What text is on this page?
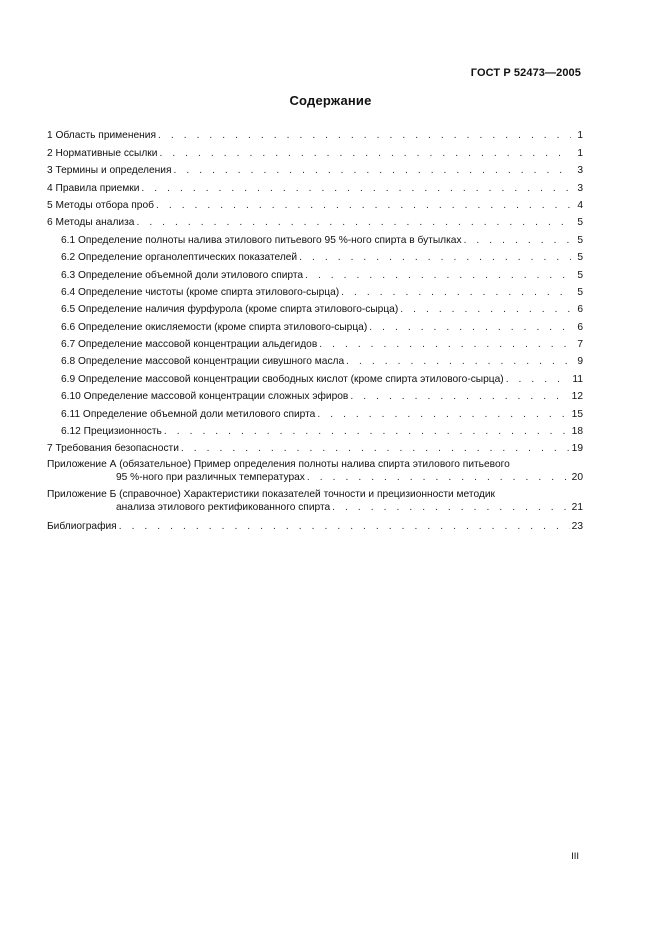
ГОСТ Р 52473—2005
Содержание
1 Область применения . . .	1
2 Нормативные ссылки . . .	1
3 Термины и определения . . .	3
4 Правила приемки . . .	3
5 Методы отбора проб . . .	4
6 Методы анализа . . .	5
6.1 Определение полноты налива этилового питьевого 95 %-ного спирта в бутылках . . .	5
6.2 Определение органолептических показателей . . .	5
6.3 Определение объемной доли этилового спирта . . .	5
6.4 Определение чистоты (кроме спирта этилового-сырца) . . .	5
6.5 Определение наличия фурфурола (кроме спирта этилового-сырца) . . .	6
6.6 Определение окисляемости (кроме спирта этилового-сырца) . . .	6
6.7 Определение массовой концентрации альдегидов . . .	7
6.8 Определение массовой концентрации сивушного масла . . .	9
6.9 Определение массовой концентрации свободных кислот (кроме спирта этилового-сырца) . . .	11
6.10 Определение массовой концентрации сложных эфиров . . .	12
6.11 Определение объемной доли метилового спирта . . .	15
6.12 Прецизионность . . .	18
7 Требования безопасности . . .	19
Приложение А (обязательное) Пример определения полноты налива спирта этилового питьевого
95 %-ного при различных температурах . . .	20
Приложение Б (справочное) Характеристики показателей точности и прецизионности методик
анализа этилового ректификованного спирта . . .	21
Библиография . . .	23
III
